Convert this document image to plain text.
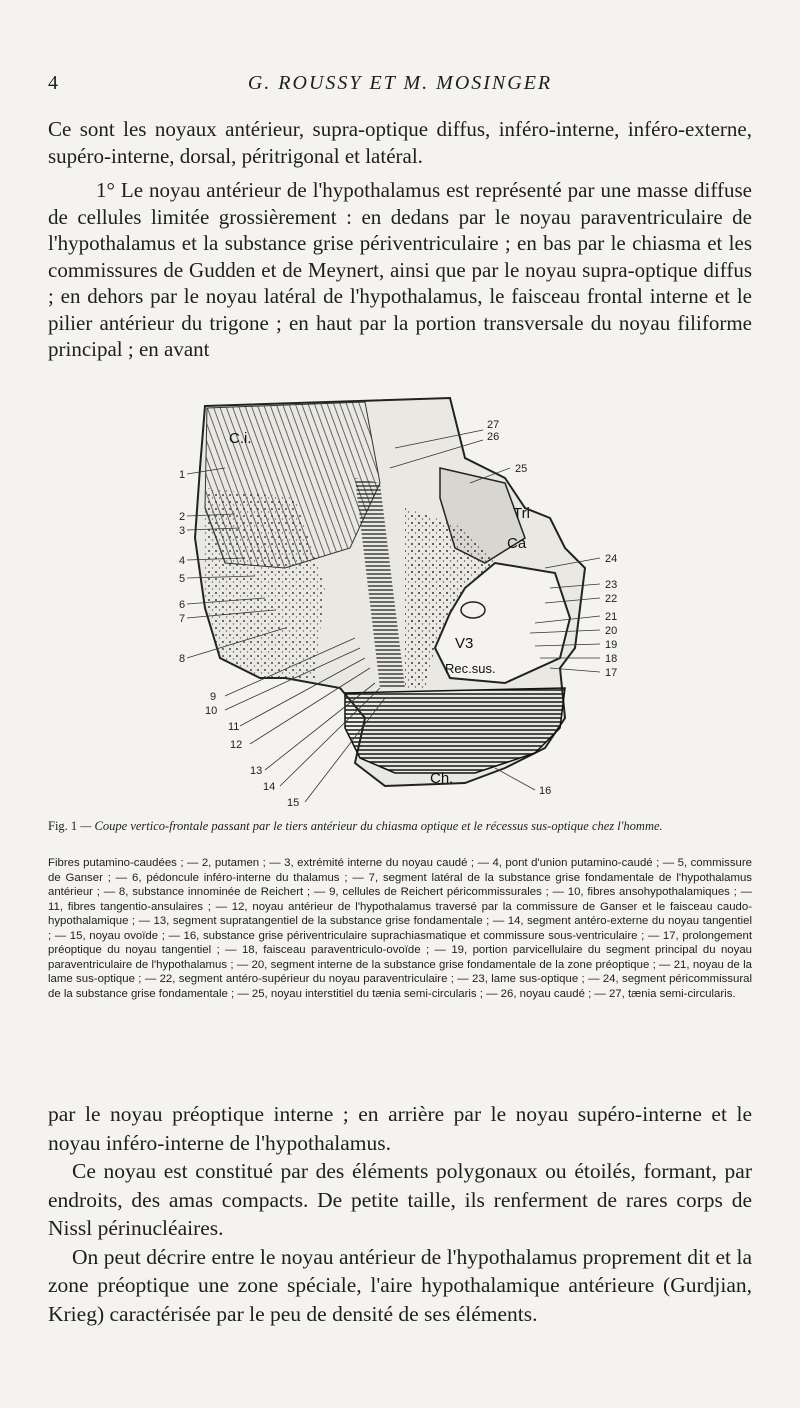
4	G. ROUSSY ET M. MOSINGER

Ce sont les noyaux antérieur, supra-optique diffus, inféro-interne, inféro-externe, supéro-interne, dorsal, péritrigonal et latéral.

1° Le noyau antérieur de l'hypothalamus est représenté par une masse diffuse de cellules limitée grossièrement : en dedans par le noyau paraventriculaire de l'hypothalamus et la substance grise périventriculaire ; en bas par le chiasma et les commissures de Gudden et de Meynert, ainsi que par le noyau supra-optique diffus ; en dehors par le noyau latéral de l'hypothalamus, le faisceau frontal interne et le pilier antérieur du trigone ; en haut par la portion transversale du noyau filiforme principal ; en avant

C.i.
Tri
Ca
V3
Rec.sus.
Ch.
1
2
3
4
5
6
7
8
9
10
11
12
13
14
15
27
26
25
24
23
22
21
20
19
18
17
16
Fig. 1 — Coupe vertico-frontale passant par le tiers antérieur du chiasma optique et le récessus sus-optique chez l'homme.
Fibres putamino-caudées ; — 2, putamen ; — 3, extrémité interne du noyau caudé ; — 4, pont d'union putamino-caudé ; — 5, commissure de Ganser ; — 6, pédoncule inféro-interne du thalamus ; — 7, segment latéral de la substance grise fondamentale de l'hypothalamus antérieur ; — 8, substance innominée de Reichert ; — 9, cellules de Reichert péricommissurales ; — 10, fibres ansohypothalamiques ; — 11, fibres tangentio-ansulaires ; — 12, noyau antérieur de l'hypothalamus traversé par la commissure de Ganser et le faisceau caudo-hypothalamique ; — 13, segment supratangentiel de la substance grise fondamentale ; — 14, segment antéro-externe du noyau tangentiel ; — 15, noyau ovoïde ; — 16, substance grise périventriculaire suprachiasmatique et commissure sous-ventriculaire ; — 17, prolongement préoptique du noyau tangentiel ; — 18, faisceau paraventriculo-ovoïde ; — 19, portion parvicellulaire du segment principal du noyau paraventriculaire de l'hypothalamus ; — 20, segment interne de la substance grise fondamentale de la zone préoptique ; — 21, noyau de la lame sus-optique ; — 22, segment antéro-supérieur du noyau paraventriculaire ; — 23, lame sus-optique ; — 24, segment péricommissural de la substance grise fondamentale ; — 25, noyau interstitiel du tænia semi-circularis ; — 26, noyau caudé ; — 27, tænia semi-circularis.

par le noyau préoptique interne ; en arrière par le noyau supéro-interne et le noyau inféro-interne de l'hypothalamus.

Ce noyau est constitué par des éléments polygonaux ou étoilés, formant, par endroits, des amas compacts. De petite taille, ils renferment de rares corps de Nissl périnucléaires.

On peut décrire entre le noyau antérieur de l'hypothalamus proprement dit et la zone préoptique une zone spéciale, l'aire hypothalamique antérieure (Gurdjian, Krieg) caractérisée par le peu de densité de ses éléments.
